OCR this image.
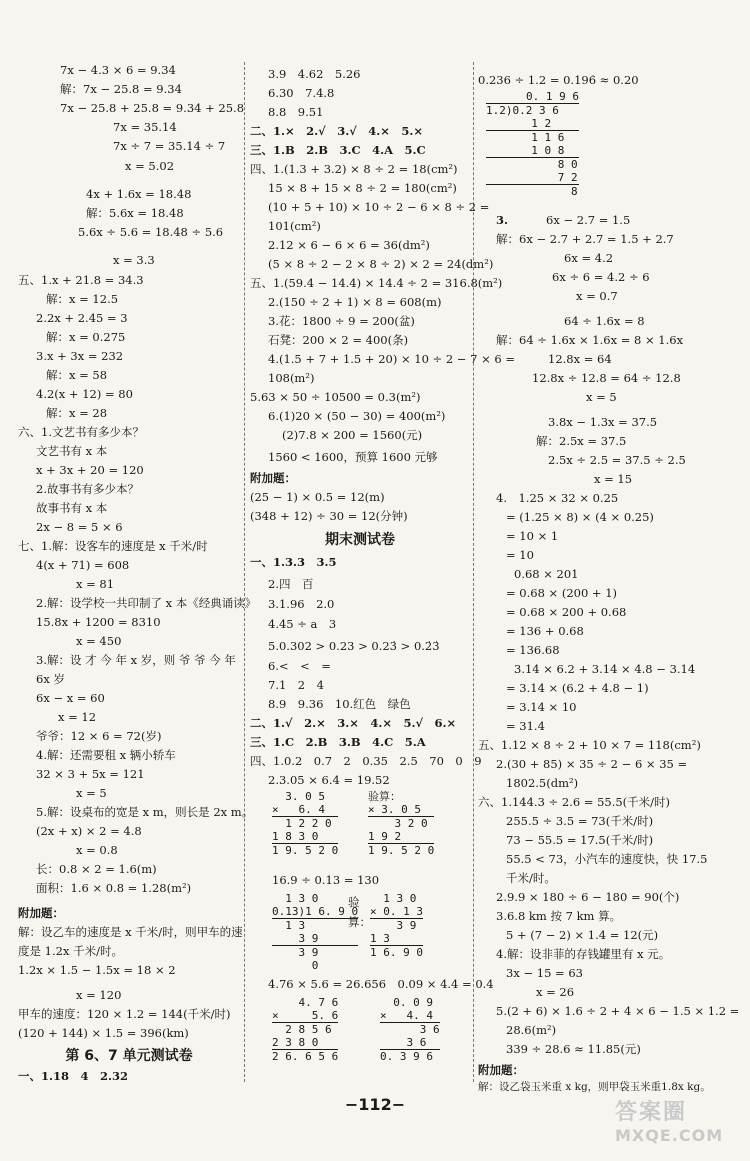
7x − 4.3 × 6 = 9.34
解：7x − 25.8 = 9.34
7x − 25.8 + 25.8 = 9.34 + 25.8
7x = 35.14
7x ÷ 7 = 35.14 ÷ 7
x = 5.02
4x + 1.6x = 18.48
解：5.6x = 18.48
5.6x ÷ 5.6 = 18.48 ÷ 5.6
x = 3.3
五、1.x + 21.8 = 34.3
解：x = 12.5
2.2x + 2.45 = 3
解：x = 0.275
3.x + 3x = 232
解：x = 58
4.2(x + 12) = 80
解：x = 28
六、1.文艺书有多少本？
文艺书有 x 本
x + 3x + 20 = 120
2.故事书有多少本？
故事书有 x 本
2x − 8 = 5 × 6
七、1.解：设客车的速度是 x 千米/时
4(x + 71) = 608
x = 81
2.解：设学校一共印制了 x 本《经典诵读》
15.8x + 1200 = 8310
x = 450
3.解：设 才 今 年 x 岁，则 爷 爷 今 年
6x 岁
6x − x = 60
x = 12
爷爷：12 × 6 = 72(岁)
4.解：还需要租 x 辆小轿车
32 × 3 + 5x = 121
x = 5
5.解：设桌布的宽是 x m，则长是 2x m。
(2x + x) × 2 = 4.8
x = 0.8
长：0.8 × 2 = 1.6(m)
面积：1.6 × 0.8 = 1.28(m²)
附加题：
解：设乙车的速度是 x 千米/时，则甲车的速
度是 1.2x 千米/时。
1.2x × 1.5 − 1.5x = 18 × 2
x = 120
甲车的速度：120 × 1.2 = 144(千米/时)
(120 + 144) × 1.5 = 396(km)
第 6、7 单元测试卷
一、1.18　4　2.32
3.9　4.62　5.26
6.30　7.4.8
8.8　9.51
二、1.×　2.√　3.√　4.×　5.×
三、1.B　2.B　3.C　4.A　5.C
四、1.(1.3 + 3.2) × 8 ÷ 2 = 18(cm²)
15 × 8 + 15 × 8 ÷ 2 = 180(cm²)
(10 + 5 + 10) × 10 ÷ 2 − 6 × 8 ÷ 2 =
101(cm²)
2.12 × 6 − 6 × 6 = 36(dm²)
(5 × 8 ÷ 2 − 2 × 8 ÷ 2) × 2 = 24(dm²)
五、1.(59.4 − 14.4) × 14.4 ÷ 2 = 316.8(m²)
2.(150 ÷ 2 + 1) × 8 = 608(m)
3.花：1800 ÷ 9 = 200(盆)
石凳：200 × 2 = 400(条)
4.(1.5 + 7 + 1.5 + 20) × 10 ÷ 2 − 7 × 6 =
108(m²)
5.63 × 50 ÷ 10500 = 0.3(m²)
6.(1)20 × (50 − 30) = 400(m²)
(2)7.8 × 200 = 1560(元)
1560 < 1600，预算 1600 元够
附加题：
(25 − 1) × 0.5 = 12(m)
(348 + 12) ÷ 30 = 12(分钟)
期末测试卷
一、1.3.3　3.5
2.四　百
3.1.96　2.0
4.45 ÷ a　3
5.0.302 > 0.23 > 0.23̇ > 0.2̇3̇
6.<　<　=
7.1　2　4
8.9　9.36　10.红色　绿色
二、1.√　2.×　3.×　4.×　5.√　6.×
三、1.C　2.B　3.B　4.C　5.A
四、1.0.2　0.7　2　0.35　2.5　70　0　9
2.3.05 × 6.4 = 19.52
3. 0 5
×   6. 4
1 2 2 0
1 8 3 0
1 9. 5 2 0
验算：
× 3. 0 5
3 2 0
1 9 2
1 9. 5 2 0
16.9 ÷ 0.13 = 130
1 3 0
0.13)1 6. 9 0
1 3
3 9
3 9
0
1 3 0
× 0. 1 3
3 9
1 3
1 6. 9 0
验
算：
4.76 × 5.6 = 26.656　0.09 × 4.4 = 0.4
4. 7 6
×     5. 6
2 8 5 6
2 3 8 0
2 6. 6 5 6
0. 0 9
×   4. 4
3 6
3 6
0. 3 9 6
0.236 ÷ 1.2 = 0.196̇ ≈ 0.20
0. 1 9 6
1.2)0.2 3 6
1 2
1 1 6
1 0 8
8 0
7 2
8
3.	6x − 2.7 = 1.5
解：6x − 2.7 + 2.7 = 1.5 + 2.7
6x = 4.2
6x ÷ 6 = 4.2 ÷ 6
x = 0.7
64 ÷ 1.6x = 8
解：64 ÷ 1.6x × 1.6x = 8 × 1.6x
12.8x = 64
12.8x ÷ 12.8 = 64 ÷ 12.8
x = 5
3.8x − 1.3x = 37.5
解：2.5x = 37.5
2.5x ÷ 2.5 = 37.5 ÷ 2.5
x = 15
4.　1.25 × 32 × 0.25
= (1.25 × 8) × (4 × 0.25)
= 10 × 1
= 10
0.68 × 201
= 0.68 × (200 + 1)
= 0.68 × 200 + 0.68
= 136 + 0.68
= 136.68
3.14 × 6.2 + 3.14 × 4.8 − 3.14
= 3.14 × (6.2 + 4.8 − 1)
= 3.14 × 10
= 31.4
五、1.12 × 8 ÷ 2 + 10 × 7 = 118(cm²)
2.(30 + 85) × 35 ÷ 2 − 6 × 35 =
1802.5(dm²)
六、1.144.3 ÷ 2.6 = 55.5(千米/时)
255.5 ÷ 3.5 = 73(千米/时)
73 − 55.5 = 17.5(千米/时)
55.5 < 73，小汽车的速度快，快 17.5
千米/时。
2.9.9 × 180 ÷ 6 − 180 = 90(个)
3.6.8 km 按 7 km 算。
5 + (7 − 2) × 1.4 = 12(元)
4.解：设非菲的存钱罐里有 x 元。
3x − 15 = 63
x = 26
5.(2 + 6) × 1.6 ÷ 2 + 4 × 6 − 1.5 × 1.2 =
28.6(m²)
339 ÷ 28.6 ≈ 11.85(元)
附加题：
解：设乙袋玉米重 x kg，则甲袋玉米重1.8x kg。
−112−	答案圈
MXQE.COM
